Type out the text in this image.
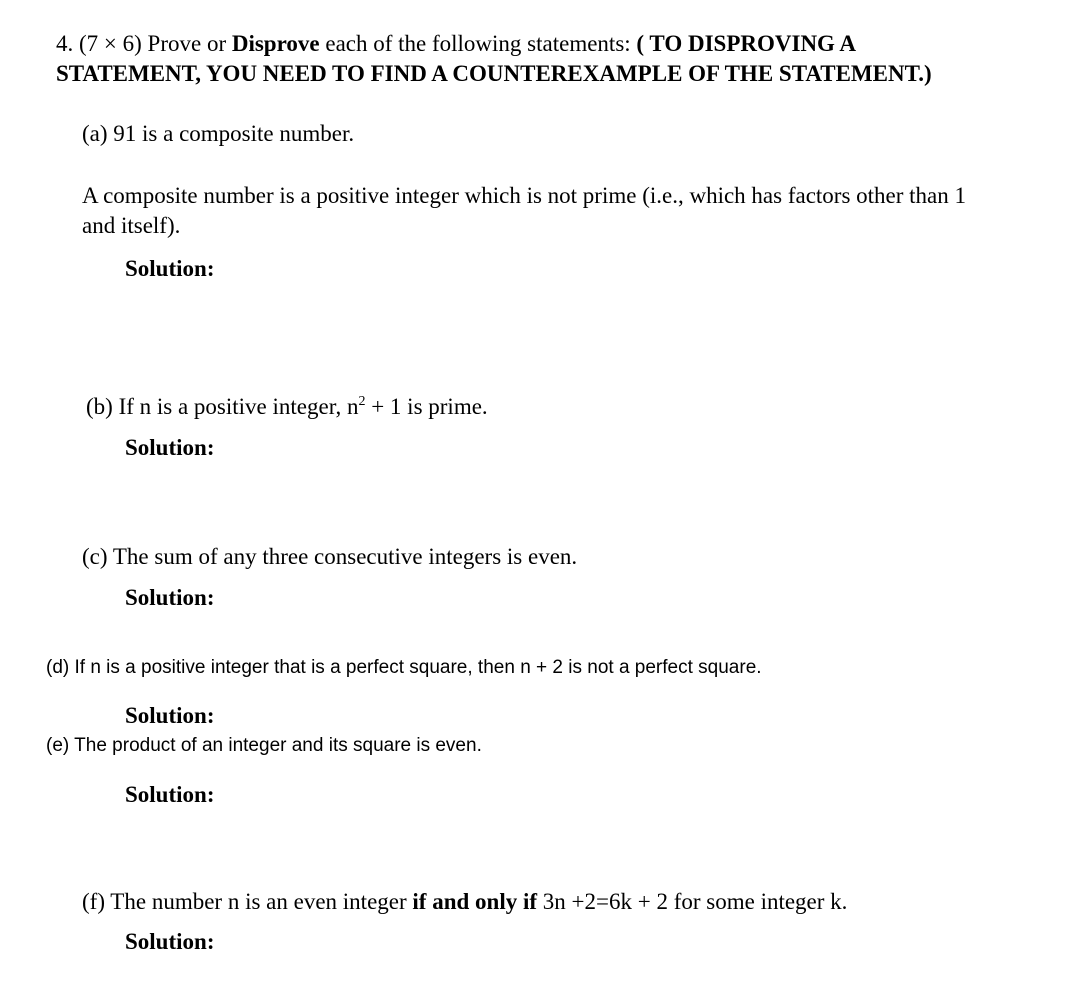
4. (7 × 6) Prove or Disprove each of the following statements: ( TO DISPROVING A
STATEMENT, YOU NEED TO FIND A COUNTEREXAMPLE OF THE STATEMENT.)
(a) 91 is a composite number.
A composite number is a positive integer which is not prime (i.e., which has factors other than 1
and itself).
Solution:
(b) If n is a positive integer, $n^2 + 1$ is prime.
Solution:
(c) The sum of any three consecutive integers is even.
Solution:
(d) If n is a positive integer that is a perfect square, then n + 2 is not a perfect square.
Solution:
(e) The product of an integer and its square is even.
Solution:
(f) The number n is an even integer if and only if 3n +2=6k + 2 for some integer k.
Solution:
